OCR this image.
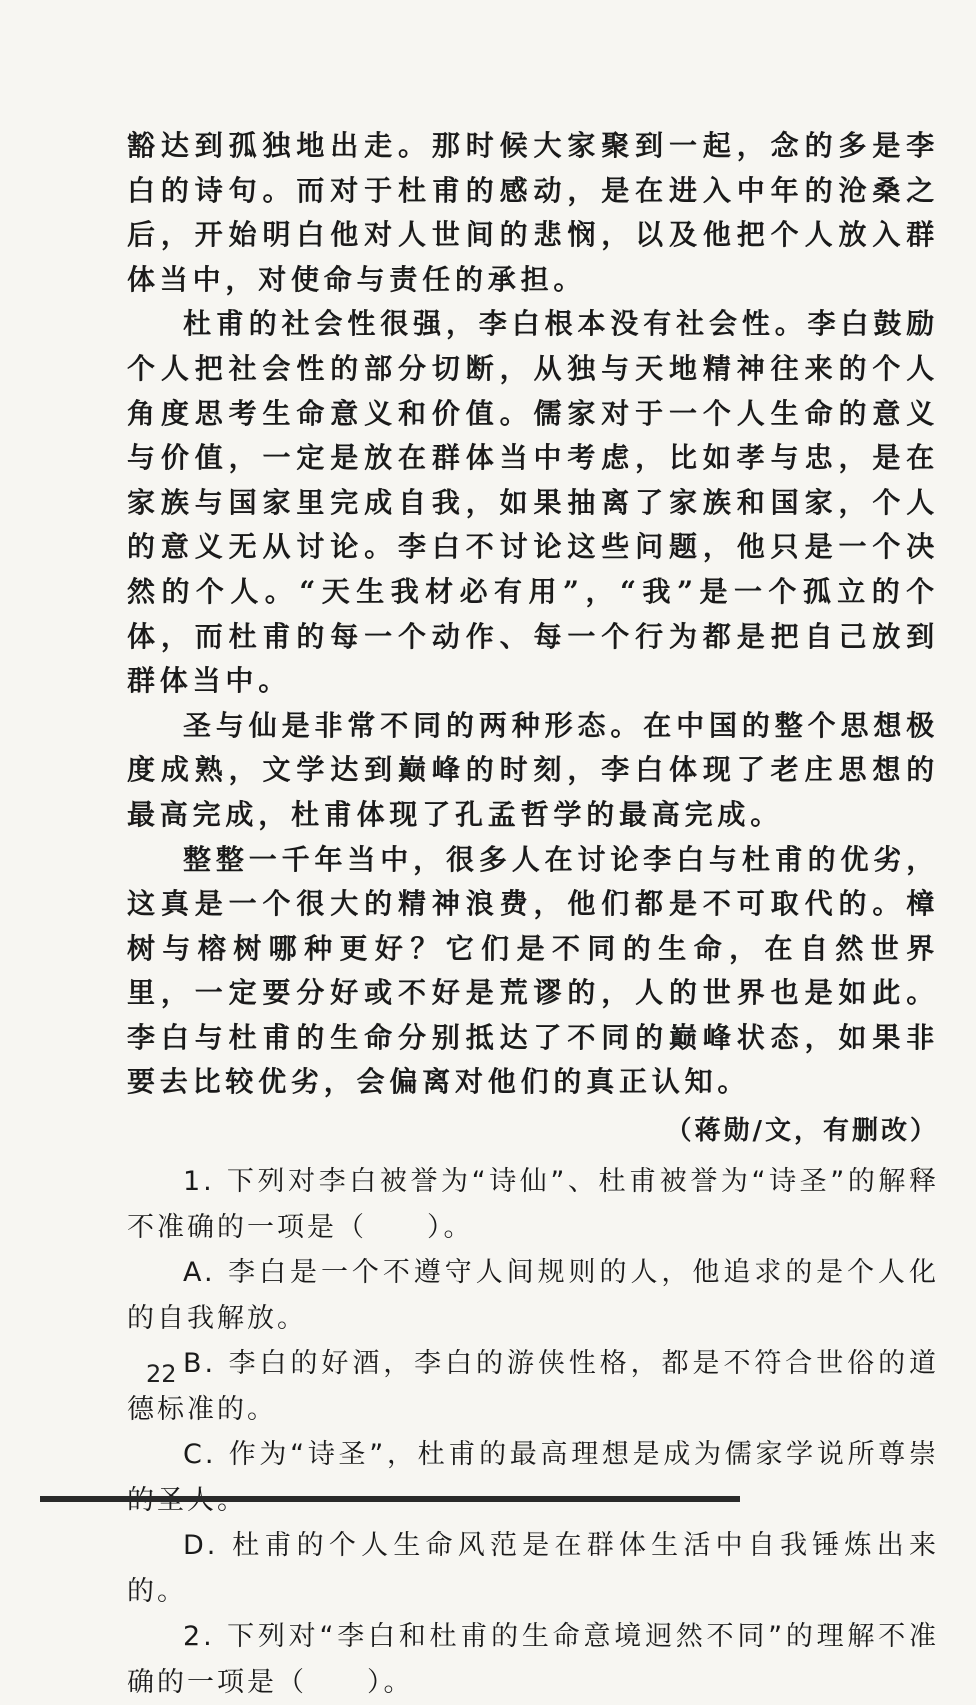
豁达到孤独地出走。那时候大家聚到一起，念的多是李白的诗句。而对于杜甫的感动，是在进入中年的沧桑之后，开始明白他对人世间的悲悯，以及他把个人放入群体当中，对使命与责任的承担。

杜甫的社会性很强，李白根本没有社会性。李白鼓励个人把社会性的部分切断，从独与天地精神往来的个人角度思考生命意义和价值。儒家对于一个人生命的意义与价值，一定是放在群体当中考虑，比如孝与忠，是在家族与国家里完成自我，如果抽离了家族和国家，个人的意义无从讨论。李白不讨论这些问题，他只是一个决然的个人。“天生我材必有用”，“我”是一个孤立的个体，而杜甫的每一个动作、每一个行为都是把自己放到群体当中。

圣与仙是非常不同的两种形态。在中国的整个思想极度成熟，文学达到巅峰的时刻，李白体现了老庄思想的最高完成，杜甫体现了孔孟哲学的最高完成。

整整一千年当中，很多人在讨论李白与杜甫的优劣，这真是一个很大的精神浪费，他们都是不可取代的。樟树与榕树哪种更好？它们是不同的生命，在自然世界里，一定要分好或不好是荒谬的，人的世界也是如此。李白与杜甫的生命分别抵达了不同的巅峰状态，如果非要去比较优劣，会偏离对他们的真正认知。

（蒋勋/文，有删改）

1. 下列对李白被誉为“诗仙”、杜甫被誉为“诗圣”的解释不准确的一项是（　　）。

A. 李白是一个不遵守人间规则的人，他追求的是个人化的自我解放。

B. 李白的好酒，李白的游侠性格，都是不符合世俗的道德标准的。

C. 作为“诗圣”，杜甫的最高理想是成为儒家学说所尊崇

D. 杜甫的个人生命风范是在群体生活中自我锤炼出来的。

2. 下列对“李白和杜甫的生命意境迥然不同”的理解不准确的一项是（　　）。

22
